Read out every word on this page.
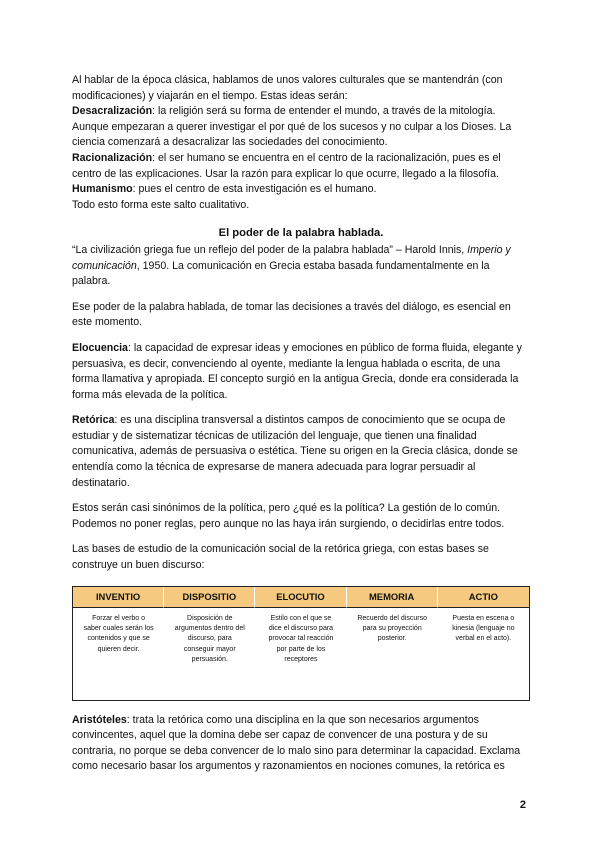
Al hablar de la época clásica, hablamos de unos valores culturales que se mantendrán (con modificaciones) y viajarán en el tiempo. Estas ideas serán:

Desacralización: la religión será su forma de entender el mundo, a través de la mitología. Aunque empezaran a querer investigar el por qué de los sucesos y no culpar a los Dioses. La ciencia comenzará a desacralizar las sociedades del conocimiento.

Racionalización: el ser humano se encuentra en el centro de la racionalización, pues es el centro de las explicaciones. Usar la razón para explicar lo que ocurre, llegado a la filosofía.

Humanismo: pues el centro de esta investigación es el humano.

Todo esto forma este salto cualitativo.

El poder de la palabra hablada.

“La civilización griega fue un reflejo del poder de la palabra hablada” – Harold Innis, Imperio y comunicación, 1950. La comunicación en Grecia estaba basada fundamentalmente en la palabra.

Ese poder de la palabra hablada, de tomar las decisiones a través del diálogo, es esencial en este momento.

Elocuencia: la capacidad de expresar ideas y emociones en público de forma fluida, elegante y persuasiva, es decir, convenciendo al oyente, mediante la lengua hablada o escrita, de una forma llamativa y apropiada. El concepto surgió en la antigua Grecia, donde era considerada la forma más elevada de la política.

Retórica: es una disciplina transversal a distintos campos de conocimiento que se ocupa de estudiar y de sistematizar técnicas de utilización del lenguaje, que tienen una finalidad comunicativa, además de persuasiva o estética. Tiene su origen en la Grecia clásica, donde se entendía como la técnica de expresarse de manera adecuada para lograr persuadir al destinatario.

Estos serán casi sinónimos de la política, pero ¿qué es la política? La gestión de lo común. Podemos no poner reglas, pero aunque no las haya irán surgiendo, o decidirlas entre todos.

Las bases de estudio de la comunicación social de la retórica griega, con estas bases se construye un buen discurso:

INVENTIO	DISPOSITIO	ELOCUTIO	MEMORIA	ACTIO
Forzar el verbo o saber cuales serán los contenidos y que se quieren decir.	Disposición de argumentos dentro del discurso, para conseguir mayor persuasión.	Estilo con el que se dice el discurso para provocar tal reacción por parte de los receptores	Recuerdo del discurso para su proyección posterior.	Puesta en escena o kinesia (lenguaje no verbal en el acto).

Aristóteles: trata la retórica como una disciplina en la que son necesarios argumentos convincentes, aquel que la domina debe ser capaz de convencer de una postura y de su contraria, no porque se deba convencer de lo malo sino para determinar la capacidad. Exclama como necesario basar los argumentos y razonamientos en nociones comunes, la retórica es

2
